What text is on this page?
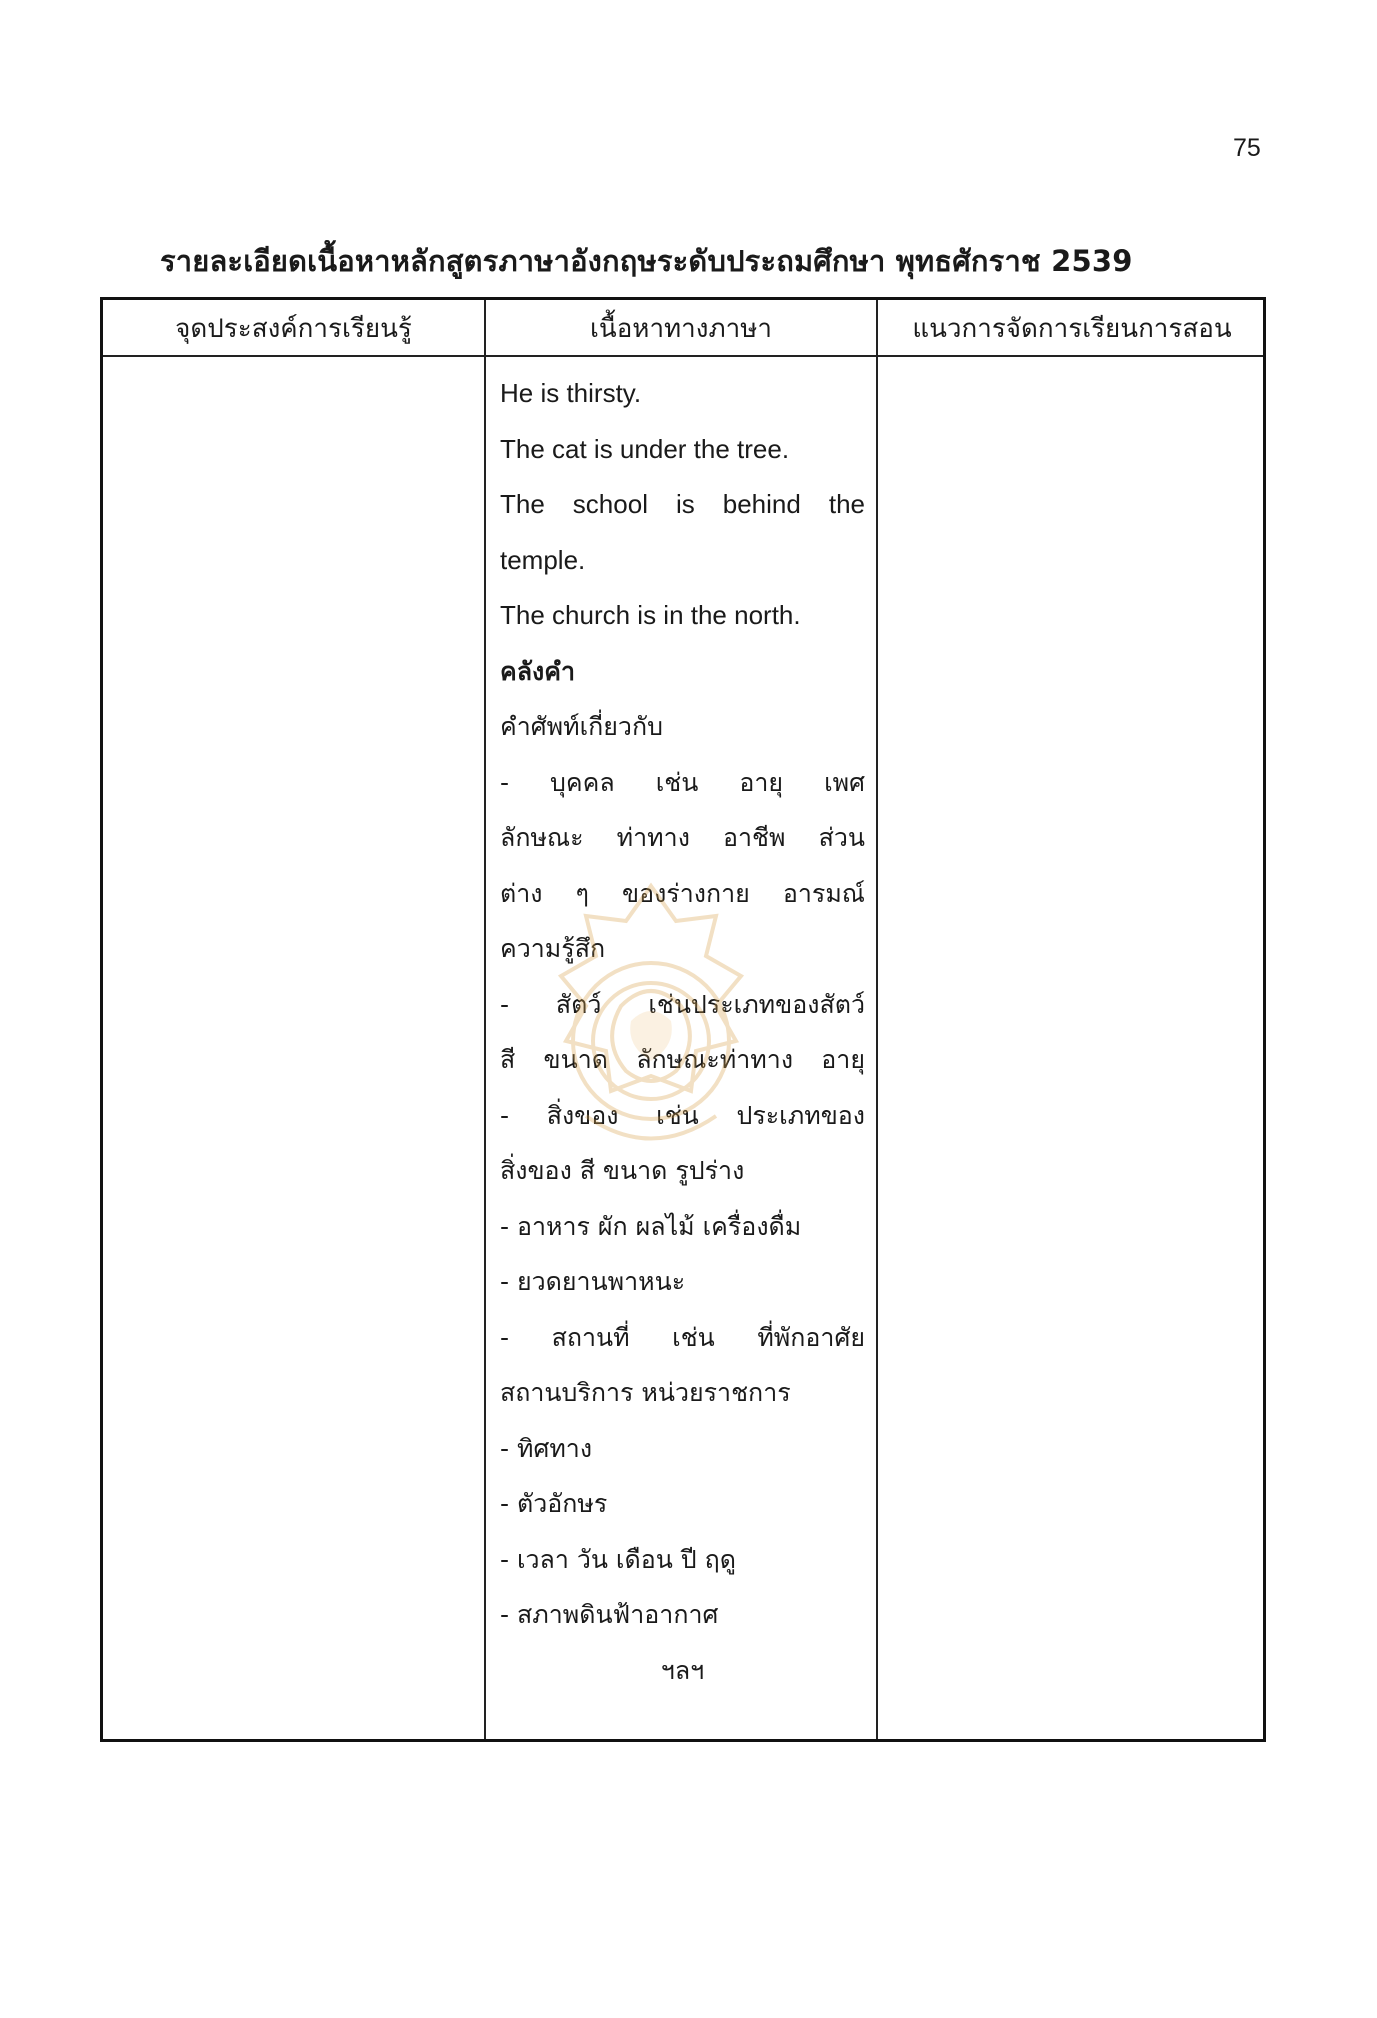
75
รายละเอียดเนื้อหาหลักสูตรภาษาอังกฤษระดับประถมศึกษา พุทธศักราช 2539
จุดประสงค์การเรียนรู้	เนื้อหาทางภาษา	แนวการจัดการเรียนการสอน
He is thirsty.
The cat is under the tree.
The school is behind the
temple.
The church is in the north.
คลังคำ
คำศัพท์เกี่ยวกับ
- บุคคล เช่น อายุ เพศ
ลักษณะ ท่าทาง อาชีพ ส่วน
ต่าง ๆ ของร่างกาย อารมณ์
ความรู้สึก
- สัตว์ เช่นประเภทของสัตว์
สี ขนาด ลักษณะท่าทาง อายุ
- สิ่งของ เช่น ประเภทของ
สิ่งของ สี ขนาด รูปร่าง
- อาหาร ผัก ผลไม้ เครื่องดื่ม
- ยวดยานพาหนะ
- สถานที่ เช่น ที่พักอาศัย
สถานบริการ หน่วยราชการ
- ทิศทาง
- ตัวอักษร
- เวลา วัน เดือน ปี ฤดู
- สภาพดินฟ้าอากาศ
ฯลฯ
